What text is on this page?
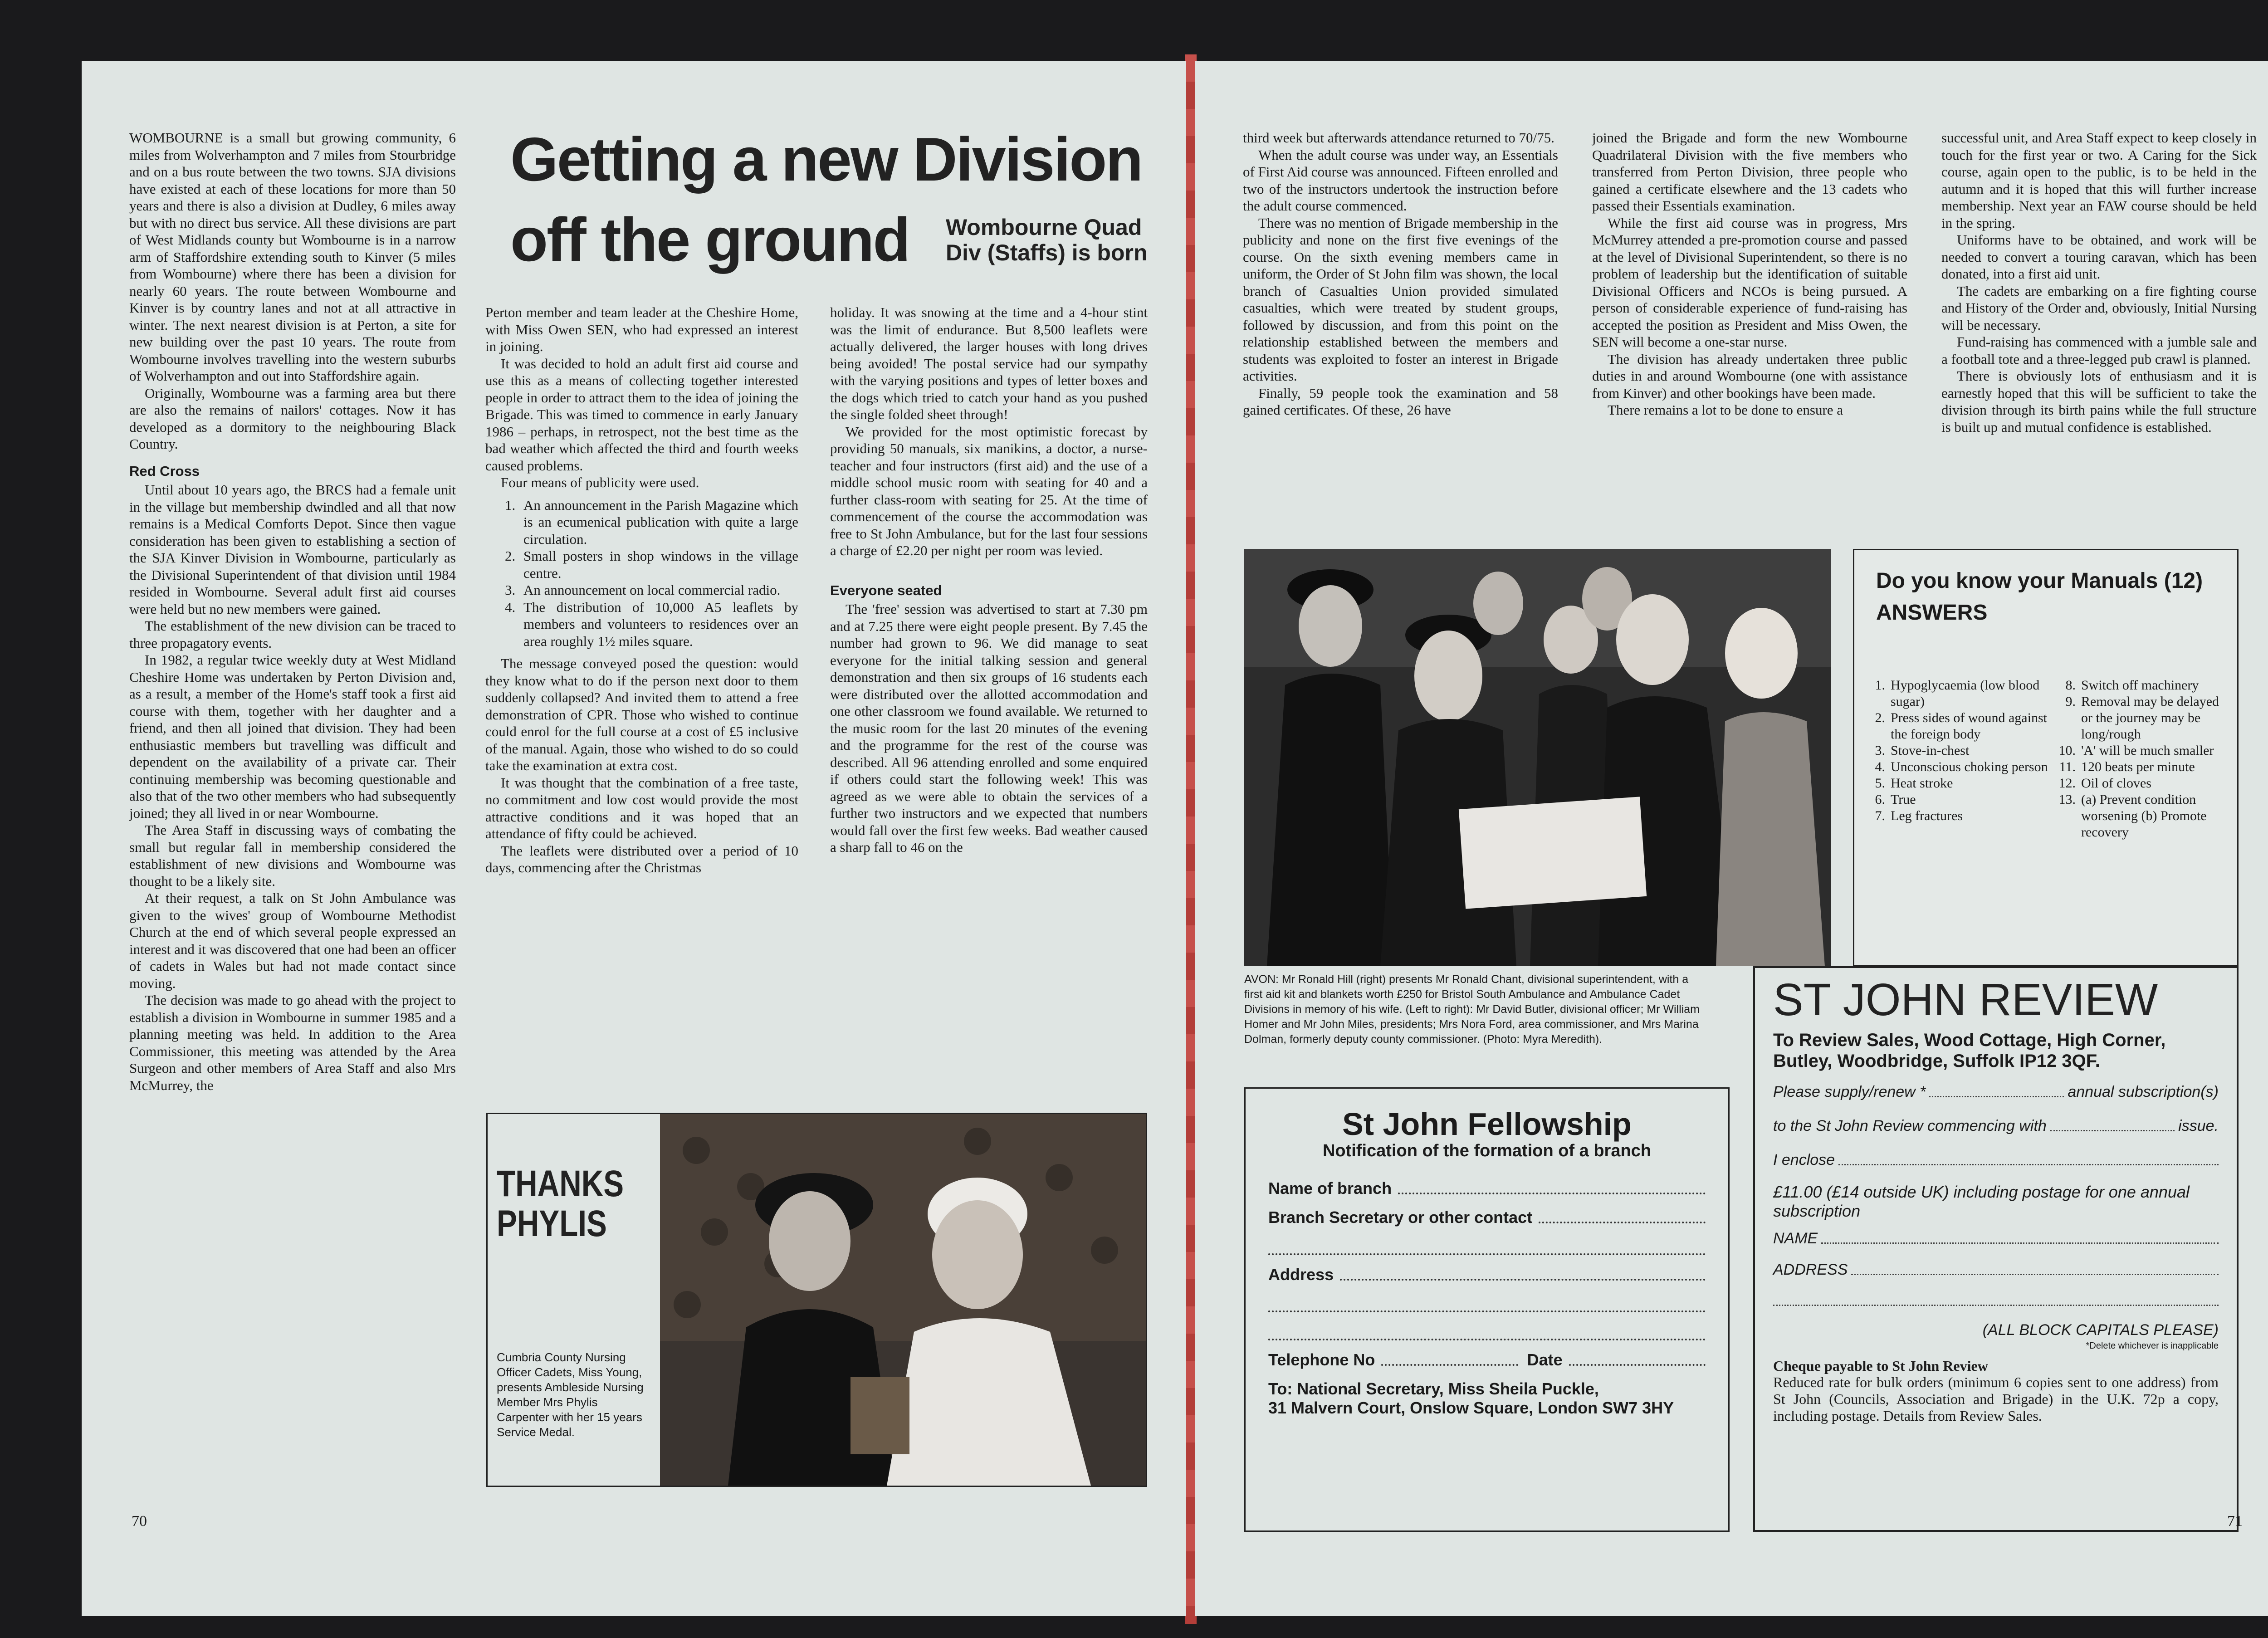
WOMBOURNE is a small but growing community, 6 miles from Wolverhampton and 7 miles from Stourbridge and on a bus route between the two towns. SJA divisions have existed at each of these locations for more than 50 years and there is also a division at Dudley, 6 miles away but with no direct bus service. All these divisions are part of West Midlands county but Wombourne is in a narrow arm of Staffordshire extending south to Kinver (5 miles from Wombourne) where there has been a division for nearly 60 years. The route between Wombourne and Kinver is by country lanes and not at all attractive in winter. The next nearest division is at Perton, a site for new building over the past 10 years. The route from Wombourne involves travelling into the western suburbs of Wolverhampton and out into Staffordshire again.

Originally, Wombourne was a farming area but there are also the remains of nailors' cottages. Now it has developed as a dormitory to the neighbouring Black Country.

Red Cross

Until about 10 years ago, the BRCS had a female unit in the village but membership dwindled and all that now remains is a Medical Comforts Depot. Since then vague consideration has been given to establishing a section of the SJA Kinver Division in Wombourne, particularly as the Divisional Superintendent of that division until 1984 resided in Wombourne. Several adult first aid courses were held but no new members were gained.

The establishment of the new division can be traced to three propagatory events.

In 1982, a regular twice weekly duty at West Midland Cheshire Home was undertaken by Perton Division and, as a result, a member of the Home's staff took a first aid course with them, together with her daughter and a friend, and then all joined that division. They had been enthusiastic members but travelling was difficult and dependent on the availability of a private car. Their continuing membership was becoming questionable and also that of the two other members who had subsequently joined; they all lived in or near Wombourne.

The Area Staff in discussing ways of combating the small but regular fall in membership considered the establishment of new divisions and Wombourne was thought to be a likely site.

At their request, a talk on St John Ambulance was given to the wives' group of Wombourne Methodist Church at the end of which several people expressed an interest and it was discovered that one had been an officer of cadets in Wales but had not made contact since moving.

The decision was made to go ahead with the project to establish a division in Wombourne in summer 1985 and a planning meeting was held. In addition to the Area Commissioner, this meeting was attended by the Area Surgeon and other members of Area Staff and also Mrs McMurrey, the

Getting a new Division
off the ground Wombourne Quad
Div (Staffs) is born

Perton member and team leader at the Cheshire Home, with Miss Owen SEN, who had expressed an interest in joining.

It was decided to hold an adult first aid course and use this as a means of collecting together interested people in order to attract them to the idea of joining the Brigade. This was timed to commence in early January 1986 – perhaps, in retrospect, not the best time as the bad weather which affected the third and fourth weeks caused problems.

Four means of publicity were used.

1. An announcement in the Parish Magazine which is an ecumenical publication with quite a large circulation.
2. Small posters in shop windows in the village centre.
3. An announcement on local commercial radio.
4. The distribution of 10,000 A5 leaflets by members and volunteers to residences over an area roughly 1½ miles square.

The message conveyed posed the question: would they know what to do if the person next door to them suddenly collapsed? And invited them to attend a free demonstration of CPR. Those who wished to continue could enrol for the full course at a cost of £5 inclusive of the manual. Again, those who wished to do so could take the examination at extra cost.

It was thought that the combination of a free taste, no commitment and low cost would provide the most attractive conditions and it was hoped that an attendance of fifty could be achieved.

The leaflets were distributed over a period of 10 days, commencing after the Christmas

holiday. It was snowing at the time and a 4-hour stint was the limit of endurance. But 8,500 leaflets were actually delivered, the larger houses with long drives being avoided! The postal service had our sympathy with the varying positions and types of letter boxes and the dogs which tried to catch your hand as you pushed the single folded sheet through!

We provided for the most optimistic forecast by providing 50 manuals, six manikins, a doctor, a nurse-teacher and four instructors (first aid) and the use of a middle school music room with seating for 40 and a further class-room with seating for 25. At the time of commencement of the course the accommodation was free to St John Ambulance, but for the last four sessions a charge of £2.20 per night per room was levied.

Everyone seated

The 'free' session was advertised to start at 7.30 pm and at 7.25 there were eight people present. By 7.45 the number had grown to 96. We did manage to seat everyone for the initial talking session and general demonstration and then six groups of 16 students each were distributed over the allotted accommodation and one other classroom we found available. We returned to the music room for the last 20 minutes of the evening and the programme for the rest of the course was described. All 96 attending enrolled and some enquired if others could start the following week! This was agreed as we were able to obtain the services of a further two instructors and we expected that numbers would fall over the first few weeks. Bad weather caused a sharp fall to 46 on the

THANKS
PHYLIS
Cumbria County Nursing Officer Cadets, Miss Young, presents Ambleside Nursing Member Mrs Phylis Carpenter with her 15 years Service Medal.
70

third week but afterwards attendance returned to 70/75.

When the adult course was under way, an Essentials of First Aid course was announced. Fifteen enrolled and two of the instructors undertook the instruction before the adult course commenced.

There was no mention of Brigade membership in the publicity and none on the first five evenings of the course. On the sixth evening members came in uniform, the Order of St John film was shown, the local branch of Casualties Union provided simulated casualties, which were treated by student groups, followed by discussion, and from this point on the relationship established between the members and students was exploited to foster an interest in Brigade activities.

Finally, 59 people took the examination and 58 gained certificates. Of these, 26 have

joined the Brigade and form the new Wombourne Quadrilateral Division with the five members who transferred from Perton Division, three people who gained a certificate elsewhere and the 13 cadets who passed their Essentials examination.

While the first aid course was in progress, Mrs McMurrey attended a pre-promotion course and passed at the level of Divisional Superintendent, so there is no problem of leadership but the identification of suitable Divisional Officers and NCOs is being pursued. A person of considerable experience of fund-raising has accepted the position as President and Miss Owen, the SEN will become a one-star nurse.

The division has already undertaken three public duties in and around Wombourne (one with assistance from Kinver) and other bookings have been made.

There remains a lot to be done to ensure a

successful unit, and Area Staff expect to keep closely in touch for the first year or two. A Caring for the Sick course, again open to the public, is to be held in the autumn and it is hoped that this will further increase membership. Next year an FAW course should be held in the spring.

Uniforms have to be obtained, and work will be needed to convert a touring caravan, which has been donated, into a first aid unit.

The cadets are embarking on a fire fighting course and History of the Order and, obviously, Initial Nursing will be necessary.

Fund-raising has commenced with a jumble sale and a football tote and a three-legged pub crawl is planned.

There is obviously lots of enthusiasm and it is earnestly hoped that this will be sufficient to take the division through its birth pains while the full structure is built up and mutual confidence is established.

AVON: Mr Ronald Hill (right) presents Mr Ronald Chant, divisional superintendent, with a first aid kit and blankets worth £250 for Bristol South Ambulance and Ambulance Cadet Divisions in memory of his wife. (Left to right): Mr David Butler, divisional officer; Mr William Homer and Mr John Miles, presidents; Mrs Nora Ford, area commissioner, and Mrs Marina Dolman, formerly deputy county commissioner. (Photo: Myra Meredith).
Do you know your Manuals (12)
ANSWERS
1. Hypoglycaemia (low blood sugar)
2. Press sides of wound against the foreign body
3. Stove-in-chest
4. Unconscious choking person
5. Heat stroke
6. True
7. Leg fractures
8. Switch off machinery
9. Removal may be delayed or the journey may be long/rough
10. 'A' will be much smaller
11. 120 beats per minute
12. Oil of cloves
13. (a) Prevent condition worsening (b) Promote recovery
St John Fellowship
Notification of the formation of a branch
Name of branch
Branch Secretary or other contact
Address
Telephone No	Date
To: National Secretary, Miss Sheila Puckle,
31 Malvern Court, Onslow Square, London SW7 3HY
ST JOHN REVIEW
To Review Sales, Wood Cottage, High Corner,
Butley, Woodbridge, Suffolk IP12 3QF.
Please supply/renew *	annual subscription(s)
to the St John Review commencing with	issue.
I enclose
£11.00 (£14 outside UK) including postage for one annual subscription
NAME
ADDRESS
(ALL BLOCK CAPITALS PLEASE)
*Delete whichever is inapplicable
Cheque payable to St John Review
Reduced rate for bulk orders (minimum 6 copies sent to one address) from St John (Councils, Association and Brigade) in the U.K. 72p a copy, including postage. Details from Review Sales.
71
